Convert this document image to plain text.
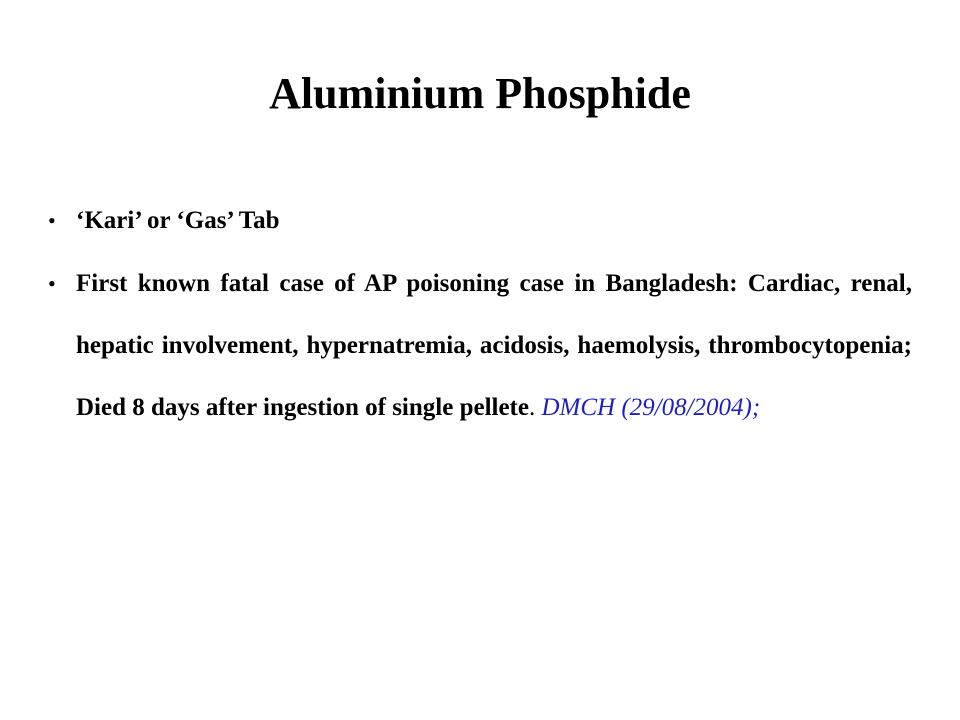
Aluminium Phosphide
• ‘Kari’ or ‘Gas’ Tab
• First known fatal case of AP poisoning case in Bangladesh: Cardiac, renal, hepatic involvement, hypernatremia, acidosis, haemolysis, thrombocytopenia; Died 8 days after ingestion of single pellete. DMCH (29/08/2004);
